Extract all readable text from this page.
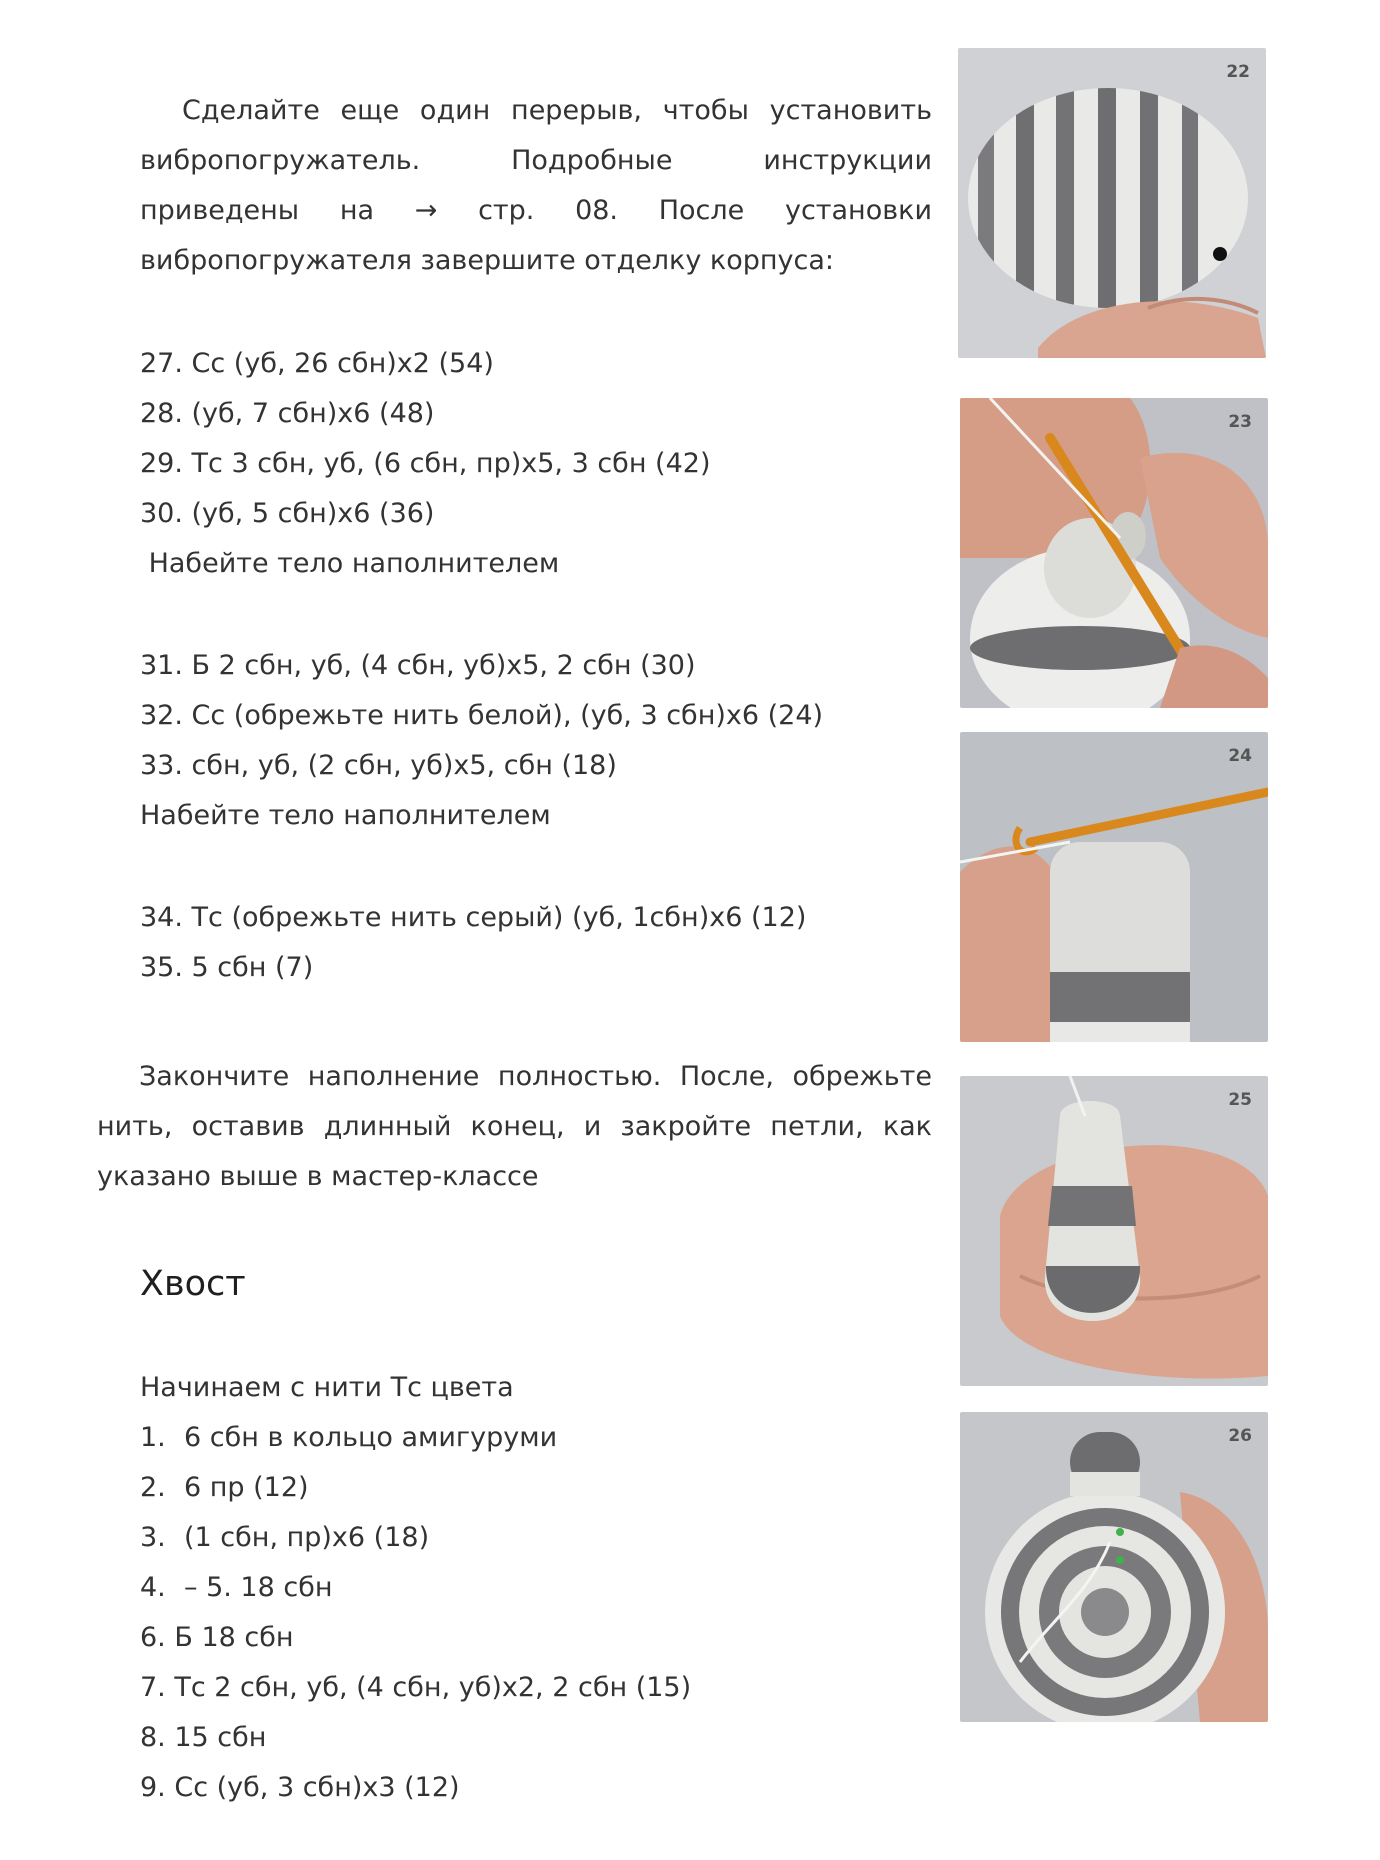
Сделайте еще один перерыв, чтобы установить вибропогружатель. Подробные инструкции приведены на → стр. 08. После установки вибропогружателя завершите отделку корпуса:

27. Сс (уб, 26 сбн)х2 (54)
28. (уб, 7 сбн)х6 (48)
29. Тс 3 сбн, уб, (6 сбн, пр)х5, 3 сбн (42)
30. (уб, 5 сбн)х6 (36)
Набейте тело наполнителем
31. Б 2 сбн, уб, (4 сбн, уб)х5, 2 сбн (30)
32. Сс (обрежьте нить белой), (уб, 3 сбн)х6 (24)
33. сбн, уб, (2 сбн, уб)х5, сбн (18)
Набейте тело наполнителем
34. Тс (обрежьте нить серый) (уб, 1сбн)х6 (12)
35. 5 сбн (7)

Закончите наполнение полностью. После, обрежьте нить, оставив длинный конец, и закройте петли, как указано выше в мастер-классе

Хвост
Начинаем с нити Тс цвета
1. 6 сбн в кольцо амигуруми
2. 6 пр (12)
3. (1 сбн, пр)х6 (18)
4. – 5. 18 сбн
6. Б 18 сбн
7. Тс 2 сбн, уб, (4 сбн, уб)х2, 2 сбн (15)
8. 15 сбн
9. Сс (уб, 3 сбн)х3 (12)
22
23
24
25
26
